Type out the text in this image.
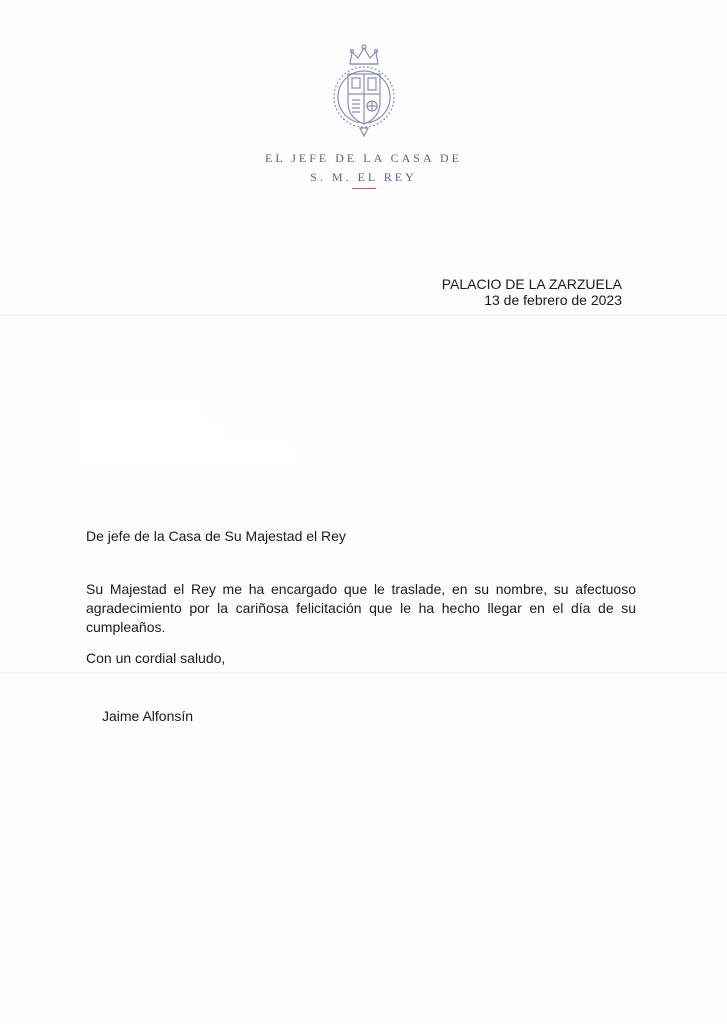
EL JEFE DE LA CASA DE
S. M. EL REY
PALACIO DE LA ZARZUELA
13 de febrero de 2023
De jefe de la Casa de Su Majestad el Rey
Su Majestad el Rey me ha encargado que le traslade, en su nombre, su afectuoso agradecimiento por la cariñosa felicitación que le ha hecho llegar en el día de su cumpleaños.
Con un cordial saludo,
Jaime Alfonsín
